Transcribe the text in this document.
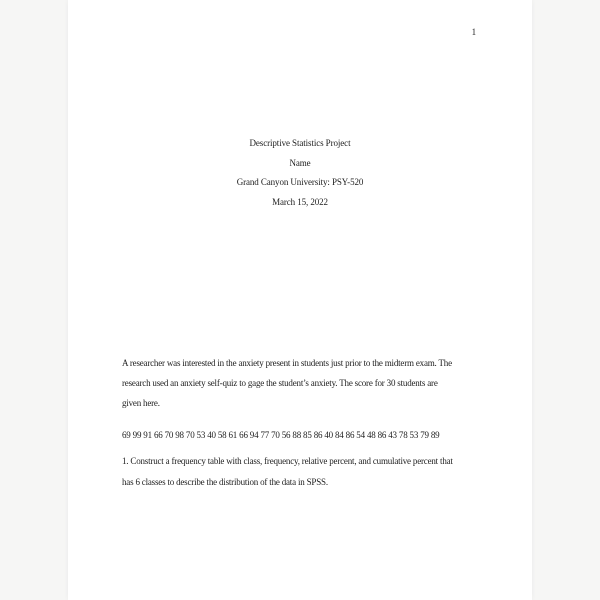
1
Descriptive Statistics Project
Name
Grand Canyon University: PSY-520
March 15, 2022
A researcher was interested in the anxiety present in students just prior to the midterm exam. The
research used an anxiety self-quiz to gage the student’s anxiety. The score for 30 students are
given here.
69 99 91 66 70 98 70 53 40 58 61 66 94 77 70 56 88 85 86 40 84 86 54 48 86 43 78 53 79 89
1. Construct a frequency table with class, frequency, relative percent, and cumulative percent that
has 6 classes to describe the distribution of the data in SPSS.
